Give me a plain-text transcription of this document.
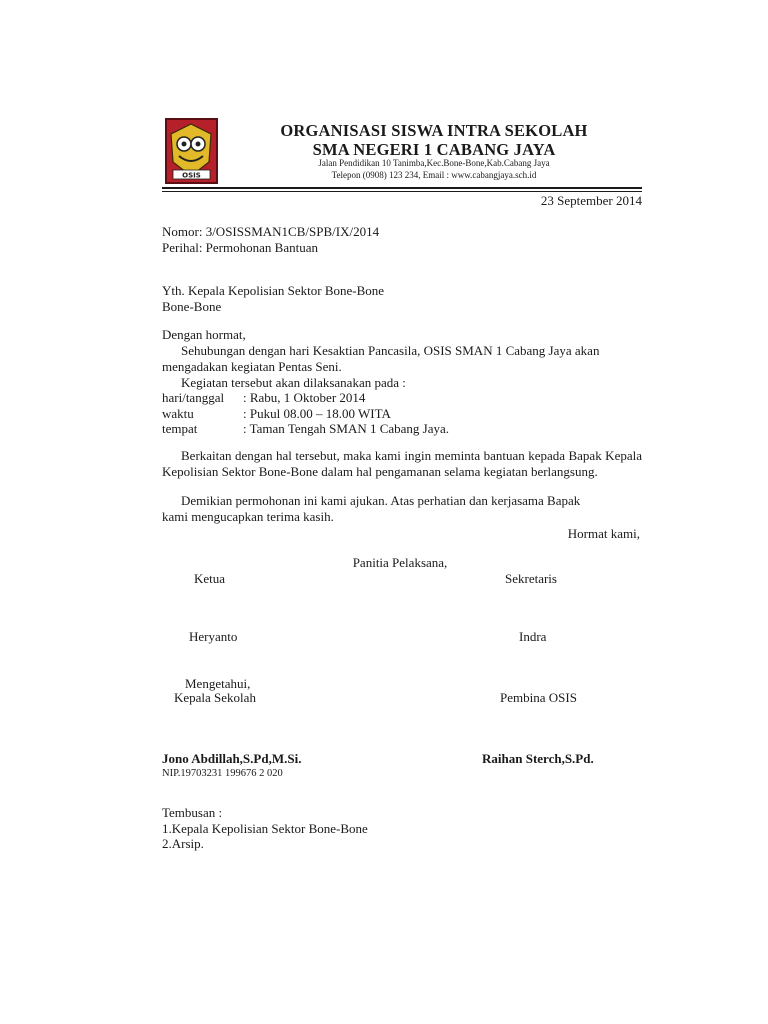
OSIS
ORGANISASI SISWA INTRA SEKOLAH
SMA NEGERI 1 CABANG JAYA
Jalan Pendidikan 10 Tanimba,Kec.Bone-Bone,Kab.Cabang Jaya
Telepon (0908) 123 234, Email : www.cabangjaya.sch.id
23 September 2014
Nomor: 3/OSISSMAN1CB/SPB/IX/2014
Perihal: Permohonan Bantuan
Yth. Kepala Kepolisian Sektor Bone-Bone
Bone-Bone
Dengan hormat,
Sehubungan dengan hari Kesaktian Pancasila, OSIS SMAN 1 Cabang Jaya akan
mengadakan kegiatan Pentas Seni.
Kegiatan tersebut akan dilaksanakan pada :
hari/tanggal : Rabu, 1 Oktober 2014
waktu	: Pukul 08.00 – 18.00 WITA
tempat	: Taman Tengah SMAN 1 Cabang Jaya.
Berkaitan dengan hal tersebut, maka kami ingin meminta bantuan kepada Bapak Kepala Kepolisian Sektor Bone-Bone dalam hal pengamanan selama kegiatan berlangsung.
Demikian permohonan ini kami ajukan. Atas perhatian dan kerjasama Bapak
kami mengucapkan terima kasih.
Hormat kami,
Panitia Pelaksana,
Ketua	Sekretaris
Heryanto	Indra
Mengetahui,
Kepala Sekolah	Pembina OSIS
Jono Abdillah,S.Pd,M.Si.
NIP.19703231 199676 2 020
Raihan Sterch,S.Pd.
Tembusan :
1.Kepala Kepolisian Sektor Bone-Bone
2.Arsip.
